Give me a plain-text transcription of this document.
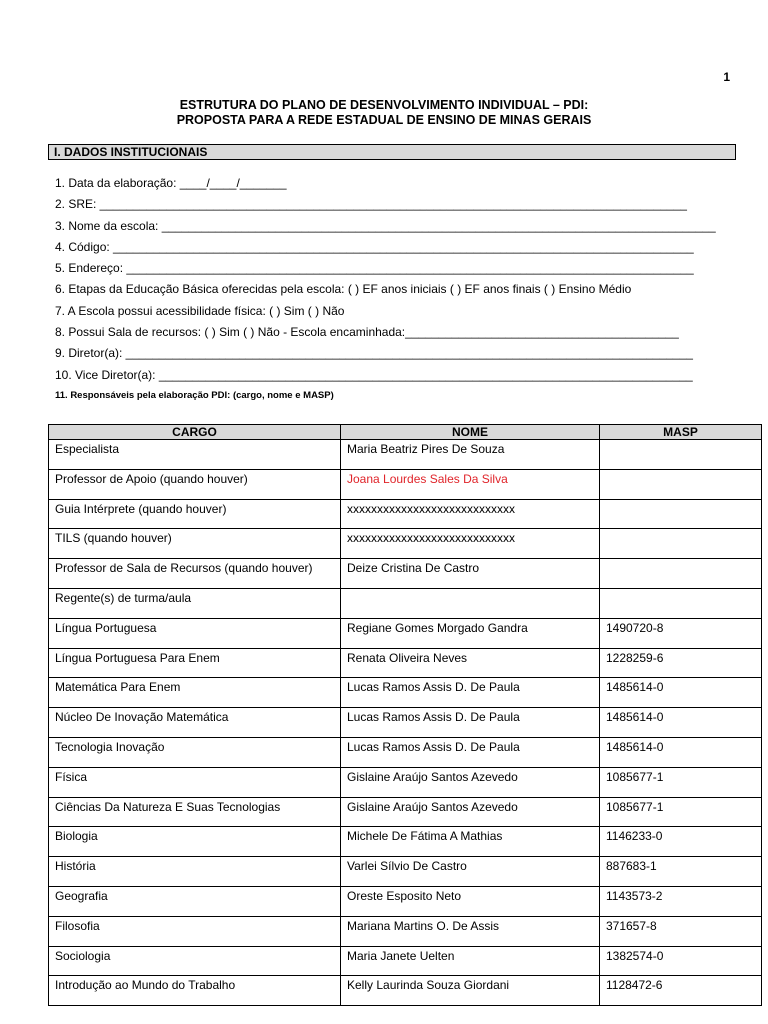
1
ESTRUTURA DO PLANO DE DESENVOLVIMENTO INDIVIDUAL – PDI:
PROPOSTA PARA A REDE ESTADUAL DE ENSINO DE MINAS GERAIS
I. DADOS INSTITUCIONAIS
1. Data da elaboração: ____/____/_______
2. SRE: ________________________________________________________________________________________
3. Nome da escola: ___________________________________________________________________________________
4. Código: _______________________________________________________________________________________
5. Endereço: _____________________________________________________________________________________
6. Etapas da Educação Básica oferecidas pela escola: ( ) EF anos iniciais ( ) EF anos finais ( ) Ensino Médio
7. A Escola possui acessibilidade física: ( ) Sim ( ) Não
8. Possui Sala de recursos: ( ) Sim ( ) Não - Escola encaminhada:_________________________________________
9. Diretor(a): _____________________________________________________________________________________
10. Vice Diretor(a): ________________________________________________________________________________
11. Responsáveis pela elaboração PDI: (cargo, nome e MASP)
CARGO	NOME	MASP
Especialista	Maria Beatriz Pires De Souza	
Professor de Apoio (quando houver)	Joana Lourdes Sales Da Silva	
Guia Intérprete (quando houver)	xxxxxxxxxxxxxxxxxxxxxxxxxxxx	
TILS (quando houver)	xxxxxxxxxxxxxxxxxxxxxxxxxxxx	
Professor de Sala de Recursos (quando houver)	Deize Cristina De Castro	
Regente(s) de turma/aula		
Língua Portuguesa	Regiane Gomes Morgado Gandra	1490720-8
Língua Portuguesa Para Enem	Renata Oliveira Neves	1228259-6
Matemática Para Enem	Lucas Ramos Assis D. De Paula	1485614-0
Núcleo De Inovação Matemática	Lucas Ramos Assis D. De Paula	1485614-0
Tecnologia Inovação	Lucas Ramos Assis D. De Paula	1485614-0
Física	Gislaine Araújo Santos Azevedo	1085677-1
Ciências Da Natureza E Suas Tecnologias	Gislaine Araújo Santos Azevedo	1085677-1
Biologia	Michele De Fátima A Mathias	1146233-0
História	Varlei Sílvio De Castro	887683-1
Geografia	Oreste Esposito Neto	1143573-2
Filosofia	Mariana Martins O. De Assis	371657-8
Sociologia	Maria Janete Uelten	1382574-0
Introdução ao Mundo do Trabalho	Kelly Laurinda Souza Giordani	1128472-6
